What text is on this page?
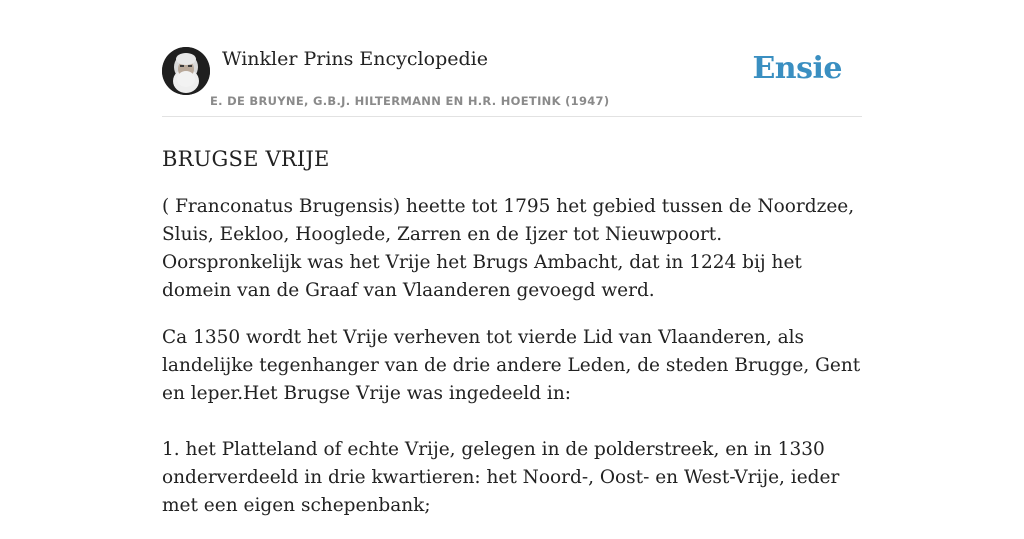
Winkler Prins Encyclopedie

E. DE BRUYNE, G.B.J. HILTERMANN EN H.R. HOETINK (1947)
Ensie
BRUGSE VRIJE

( Franconatus Brugensis) heette tot 1795 het gebied tussen de Noordzee, Sluis, Eekloo, Hooglede, Zarren en de Ijzer tot Nieuwpoort. Oorspronkelijk was het Vrije het Brugs Ambacht, dat in 1224 bij het domein van de Graaf van Vlaanderen gevoegd werd.

Ca 1350 wordt het Vrije verheven tot vierde Lid van Vlaanderen, als landelijke tegenhanger van de drie andere Leden, de steden Brugge, Gent en leper.Het Brugse Vrije was ingedeeld in:

1. het Platteland of echte Vrije, gelegen in de polderstreek, en in 1330 onderverdeeld in drie kwartieren: het Noord-, Oost- en West-Vrije, ieder met een eigen schepenbank;
